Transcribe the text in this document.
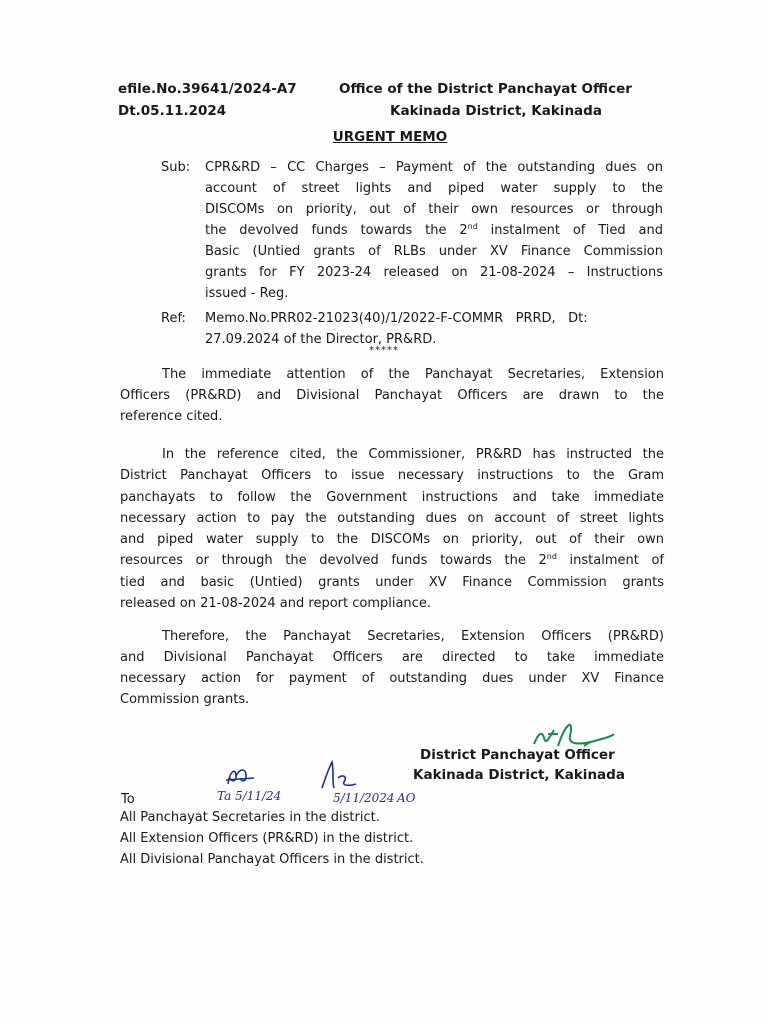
efile.No.39641/2024-A7
Dt.05.11.2024
Office of the District Panchayat Officer
Kakinada District, Kakinada
URGENT MEMO
Sub: CPR&RD – CC Charges – Payment of the outstanding dues on
account of street lights and piped water supply to the
DISCOMs on priority, out of their own resources or through
the devolved funds towards the 2nd instalment of Tied and
Basic (Untied grants of RLBs under XV Finance Commission
grants for FY 2023-24 released on 21-08-2024 – Instructions
issued - Reg.
Ref: Memo.No.PRR02-21023(40)/1/2022-F-COMMR   PRRD,   Dt:
27.09.2024 of the Director, PR&RD.
*****
The immediate attention of the Panchayat Secretaries, Extension
Officers (PR&RD) and Divisional Panchayat Officers are drawn to the
reference cited.
In the reference cited, the Commissioner, PR&RD has instructed the
District Panchayat Officers to issue necessary instructions to the Gram
panchayats to follow the Government instructions and take immediate
necessary action to pay the outstanding dues on account of street lights
and piped water supply to the DISCOMs on priority, out of their own
resources or through the devolved funds towards the 2nd instalment of
tied and basic (Untied) grants under XV Finance Commission grants
released on 21-08-2024 and report compliance.
Therefore, the Panchayat Secretaries, Extension Officers (PR&RD)
and Divisional Panchayat Officers are directed to take immediate
necessary action for payment of outstanding dues under XV Finance
Commission grants.
District Panchayat Officer
Kakinada District, Kakinada
Ta 5/11/24	5/11/2024 AO
To
All Panchayat Secretaries in the district.
All Extension Officers (PR&RD) in the district.
All Divisional Panchayat Officers in the district.
